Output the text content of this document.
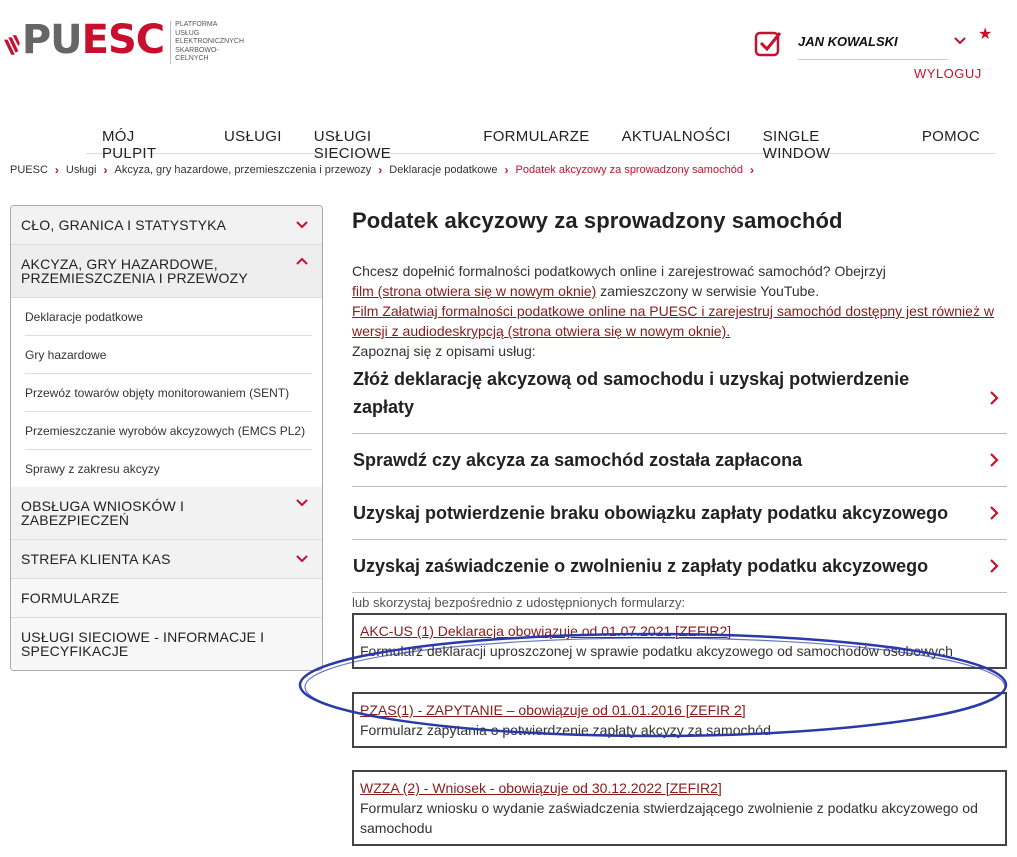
PUESC PLATFORMA
USŁUG
ELEKTRONICZNYCH
SKARBOWO-CELNYCH
JAN KOWALSKI	★
WYLOGUJ
MÓJ PULPIT
USŁUGI	USŁUGI SIECIOWE
FORMULARZE	AKTUALNOŚCI	SINGLE WINDOW
POMOC
PUESC › Usługi › Akcyza, gry hazardowe, przemieszczenia i przewozy › Deklaracje podatkowe › Podatek akcyzowy za sprowadzony samochód ›
CŁO, GRANICA I STATYSTYKA
AKCYZA, GRY HAZARDOWE, PRZEMIESZCZENIA I PRZEWOZY
Deklaracje podatkowe
Gry hazardowe
Przewóz towarów objęty monitorowaniem (SENT)
Przemieszczanie wyrobów akcyzowych (EMCS PL2)
Sprawy z zakresu akcyzy
OBSŁUGA WNIOSKÓW I ZABEZPIECZEŃ
STREFA KLIENTA KAS
FORMULARZE
USŁUGI SIECIOWE - INFORMACJE I SPECYFIKACJE
Podatek akcyzowy za sprowadzony samochód
Chcesz dopełnić formalności podatkowych online i zarejestrować samochód? Obejrzyj
film (strona otwiera się w nowym oknie) zamieszczony w serwisie YouTube.
Film Załatwiaj formalności podatkowe online na PUESC i zarejestruj samochód dostępny jest również w wersji z audiodeskrypcją (strona otwiera się w nowym oknie).
Zapoznaj się z opisami usług:
Złóż deklarację akcyzową od samochodu i uzyskaj potwierdzenie zapłaty
Sprawdź czy akcyza za samochód została zapłacona
Uzyskaj potwierdzenie braku obowiązku zapłaty podatku akcyzowego
Uzyskaj zaświadczenie o zwolnieniu z zapłaty podatku akcyzowego
lub skorzystaj bezpośrednio z udostępnionych formularzy:
AKC-US (1) Deklaracja obowiązuje od 01.07.2021 [ZEFIR2]
Formularz deklaracji uproszczonej w sprawie podatku akcyzowego od samochodów osobowych
PZAS(1) - ZAPYTANIE – obowiązuje od 01.01.2016 [ZEFIR 2]
Formularz zapytania o potwierdzenie zapłaty akcyzy za samochód
WZZA (2) - Wniosek - obowiązuje od 30.12.2022 [ZEFIR2]
Formularz wniosku o wydanie zaświadczenia stwierdzającego zwolnienie z podatku akcyzowego od samochodu
